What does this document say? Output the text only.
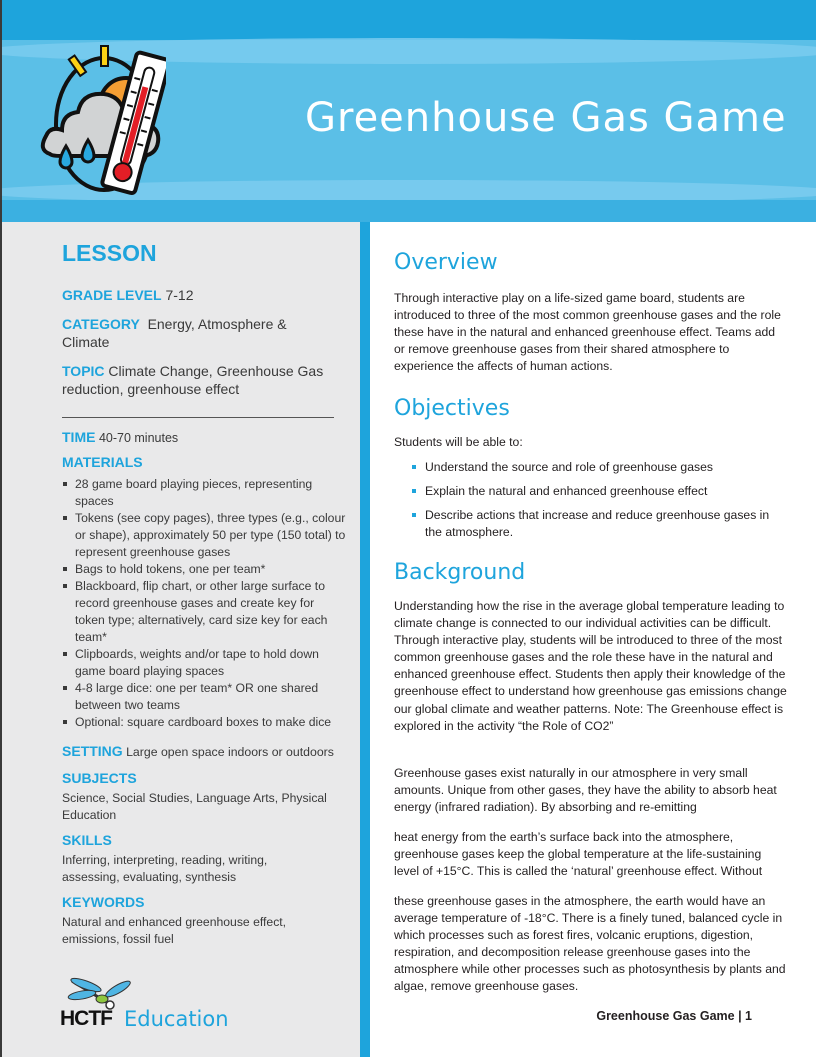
Greenhouse Gas Game
LESSON
GRADE LEVEL 7-12
CATEGORY Energy, Atmosphere & Climate
TOPIC Climate Change, Greenhouse Gas reduction, greenhouse effect
TIME 40-70 minutes
MATERIALS
28 game board playing pieces, representing spaces
Tokens (see copy pages), three types (e.g., colour or shape), approximately 50 per type (150 total) to represent greenhouse gases
Bags to hold tokens, one per team*
Blackboard, flip chart, or other large surface to record greenhouse gases and create key for token type; alternatively, card size key for each team*
Clipboards, weights and/or tape to hold down game board playing spaces
4-8 large dice: one per team* OR one shared between two teams
Optional: square cardboard boxes to make dice
SETTING Large open space indoors or outdoors
SUBJECTS
Science, Social Studies, Language Arts, Physical Education
SKILLS
Inferring, interpreting, reading, writing, assessing, evaluating, synthesis
KEYWORDS
Natural and enhanced greenhouse effect, emissions, fossil fuel
HCTF Education
Overview
Through interactive play on a life-sized game board, students are introduced to three of the most common greenhouse gases and the role these have in the natural and enhanced greenhouse effect. Teams add or remove greenhouse gases from their shared atmosphere to experience the affects of human actions.
Objectives
Students will be able to:
Understand the source and role of greenhouse gases
Explain the natural and enhanced greenhouse effect
Describe actions that increase and reduce greenhouse gases in the atmosphere.
Background
Understanding how the rise in the average global temperature leading to climate change is connected to our individual activities can be difficult. Through interactive play, students will be introduced to three of the most common greenhouse gases and the role these have in the natural and enhanced greenhouse effect. Students then apply their knowledge of the greenhouse effect to understand how greenhouse gas emissions change our global climate and weather patterns. Note: The Greenhouse effect is explored in the activity “the Role of CO2”
Greenhouse gases exist naturally in our atmosphere in very small amounts. Unique from other gases, they have the ability to absorb heat energy (infrared radiation). By absorbing and re-emitting
heat energy from the earth’s surface back into the atmosphere, greenhouse gases keep the global temperature at the life-sustaining level of +15°C. This is called the ‘natural’ greenhouse effect. Without
these greenhouse gases in the atmosphere, the earth would have an average temperature of -18°C. There is a finely tuned, balanced cycle in which processes such as forest fires, volcanic eruptions, digestion, respiration, and decomposition release greenhouse gases into the atmosphere while other processes such as photosynthesis by plants and algae, remove greenhouse gases.
Greenhouse Gas Game | 1
